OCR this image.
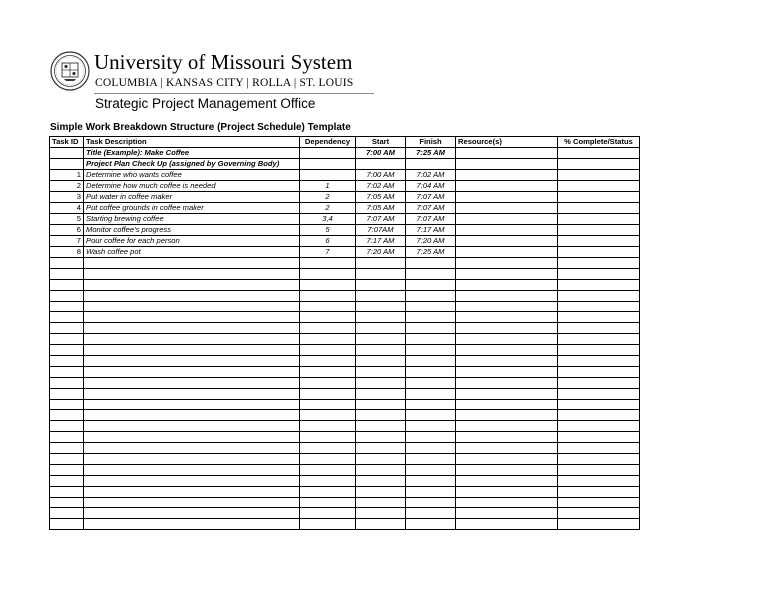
University of Missouri System
COLUMBIA | KANSAS CITY | ROLLA | ST. LOUIS
Strategic Project Management Office
Simple Work Breakdown Structure (Project Schedule) Template
Task ID	Task Description	Dependency	Start	Finish	Resource(s)	% Complete/Status
	Title (Example): Make Coffee		7:00 AM	7:25 AM		
	Project Plan Check Up (assigned by Governing Body)					
1	Determine who wants coffee		7:00 AM	7:02 AM		
2	Determine how much coffee is needed	1	7:02 AM	7:04 AM		
3	Put water in coffee maker	2	7:05 AM	7:07 AM		
4	Put coffee grounds in coffee maker	2	7:05 AM	7:07 AM		
5	Starting brewing coffee	3,4	7:07 AM	7:07 AM		
6	Monitor coffee's progress	5	7:07AM	7:17 AM		
7	Pour coffee for each person	6	7:17 AM	7:20 AM		
8	Wash coffee pot	7	7:20 AM	7:25 AM		
